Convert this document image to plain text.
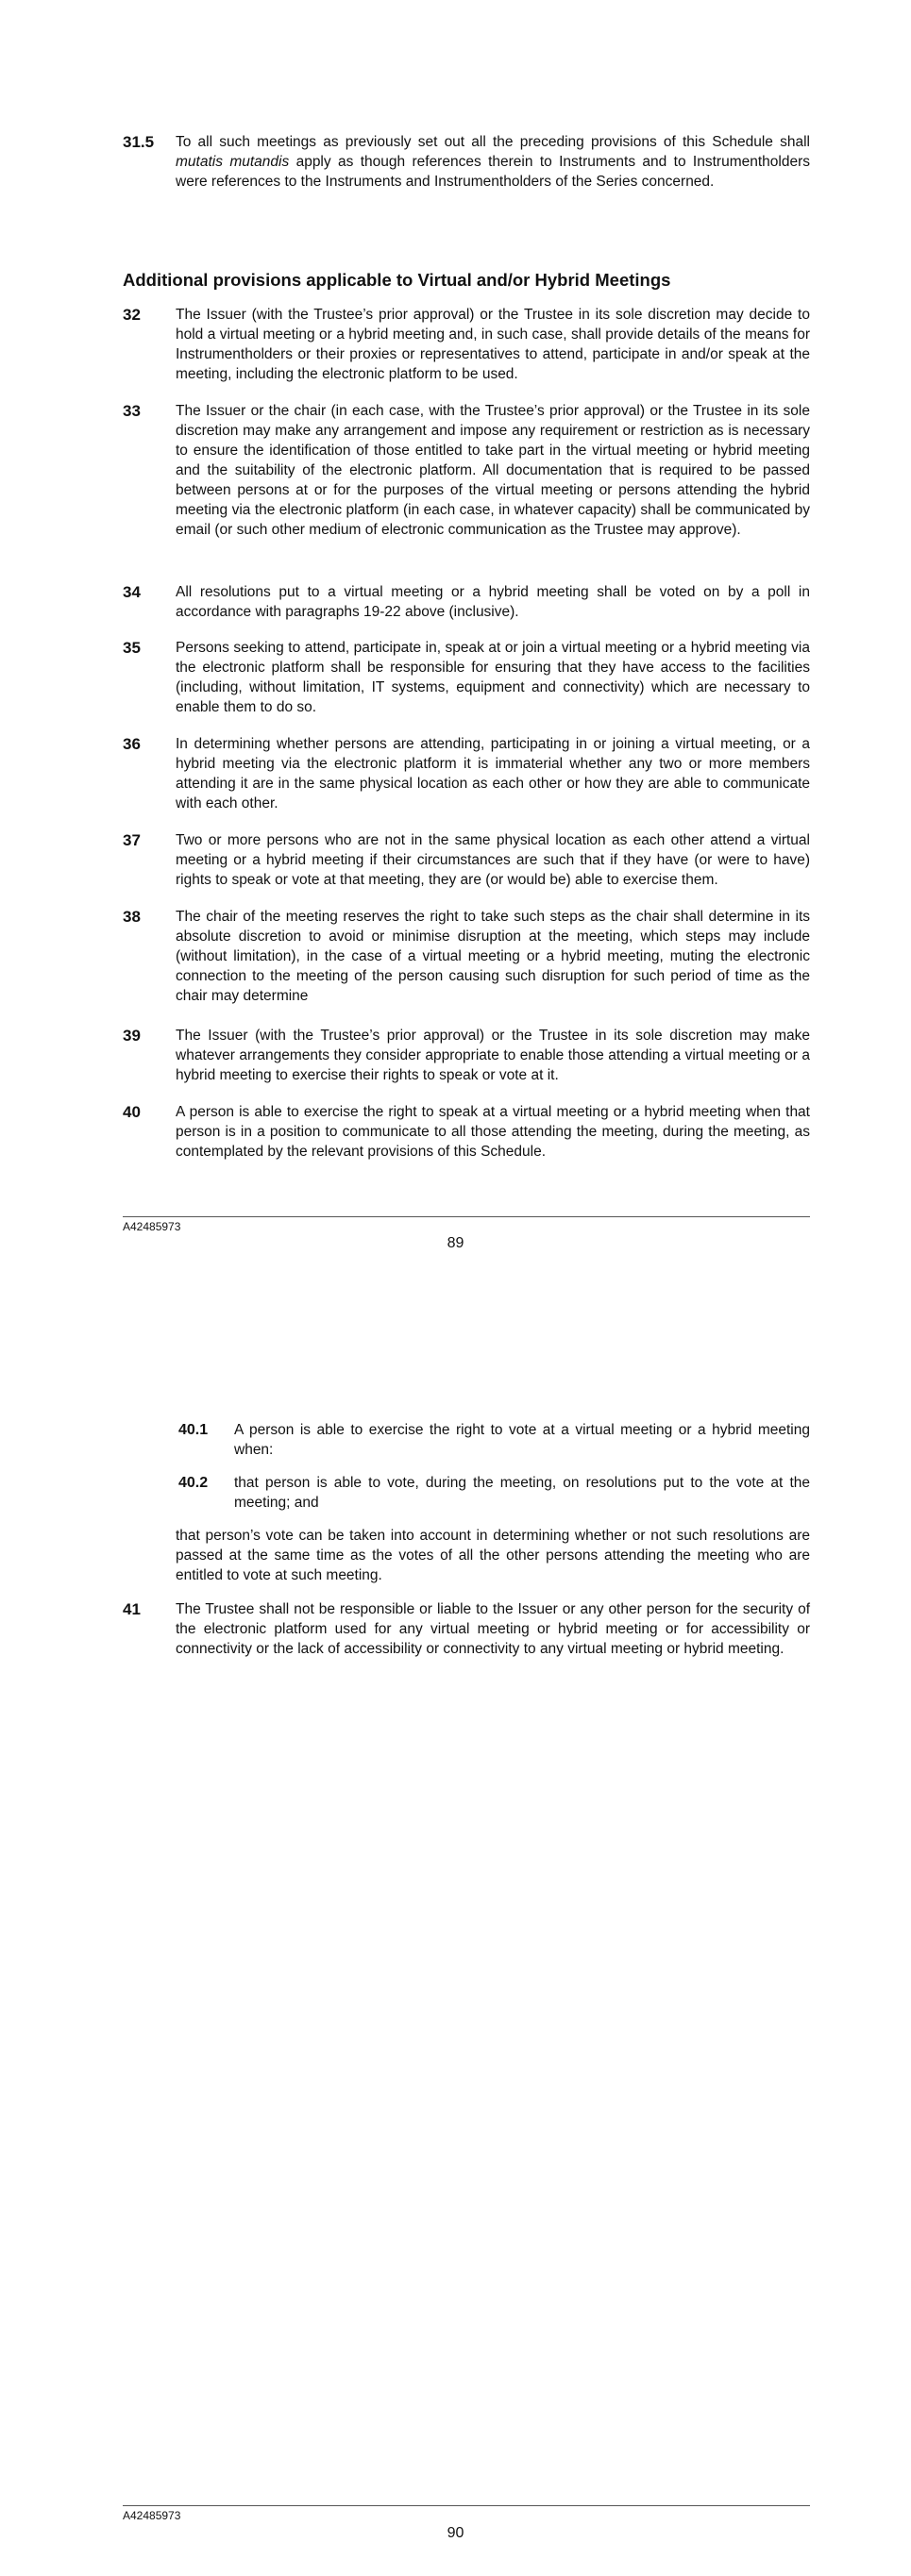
31.5 To all such meetings as previously set out all the preceding provisions of this Schedule shall mutatis mutandis apply as though references therein to Instruments and to Instrumentholders were references to the Instruments and Instrumentholders of the Series concerned.
Additional provisions applicable to Virtual and/or Hybrid Meetings
32 The Issuer (with the Trustee’s prior approval) or the Trustee in its sole discretion may decide to hold a virtual meeting or a hybrid meeting and, in such case, shall provide details of the means for Instrumentholders or their proxies or representatives to attend, participate in and/or speak at the meeting, including the electronic platform to be used.
33 The Issuer or the chair (in each case, with the Trustee’s prior approval) or the Trustee in its sole discretion may make any arrangement and impose any requirement or restriction as is necessary to ensure the identification of those entitled to take part in the virtual meeting or hybrid meeting and the suitability of the electronic platform. All documentation that is required to be passed between persons at or for the purposes of the virtual meeting or persons attending the hybrid meeting via the electronic platform (in each case, in whatever capacity) shall be communicated by email (or such other medium of electronic communication as the Trustee may approve).
34 All resolutions put to a virtual meeting or a hybrid meeting shall be voted on by a poll in accordance with paragraphs 19-22 above (inclusive).
35 Persons seeking to attend, participate in, speak at or join a virtual meeting or a hybrid meeting via the electronic platform shall be responsible for ensuring that they have access to the facilities (including, without limitation, IT systems, equipment and connectivity) which are necessary to enable them to do so.
36 In determining whether persons are attending, participating in or joining a virtual meeting, or a hybrid meeting via the electronic platform it is immaterial whether any two or more members attending it are in the same physical location as each other or how they are able to communicate with each other.
37 Two or more persons who are not in the same physical location as each other attend a virtual meeting or a hybrid meeting if their circumstances are such that if they have (or were to have) rights to speak or vote at that meeting, they are (or would be) able to exercise them.
38 The chair of the meeting reserves the right to take such steps as the chair shall determine in its absolute discretion to avoid or minimise disruption at the meeting, which steps may include (without limitation), in the case of a virtual meeting or a hybrid meeting, muting the electronic connection to the meeting of the person causing such disruption for such period of time as the chair may determine
39 The Issuer (with the Trustee’s prior approval) or the Trustee in its sole discretion may make whatever arrangements they consider appropriate to enable those attending a virtual meeting or a hybrid meeting to exercise their rights to speak or vote at it.
40 A person is able to exercise the right to speak at a virtual meeting or a hybrid meeting when that person is in a position to communicate to all those attending the meeting, during the meeting, as contemplated by the relevant provisions of this Schedule.
A42485973
89
40.1 A person is able to exercise the right to vote at a virtual meeting or a hybrid meeting when:
40.2 that person is able to vote, during the meeting, on resolutions put to the vote at the meeting; and
that person’s vote can be taken into account in determining whether or not such resolutions are passed at the same time as the votes of all the other persons attending the meeting who are entitled to vote at such meeting.
41 The Trustee shall not be responsible or liable to the Issuer or any other person for the security of the electronic platform used for any virtual meeting or hybrid meeting or for accessibility or connectivity or the lack of accessibility or connectivity to any virtual meeting or hybrid meeting.
A42485973
90
